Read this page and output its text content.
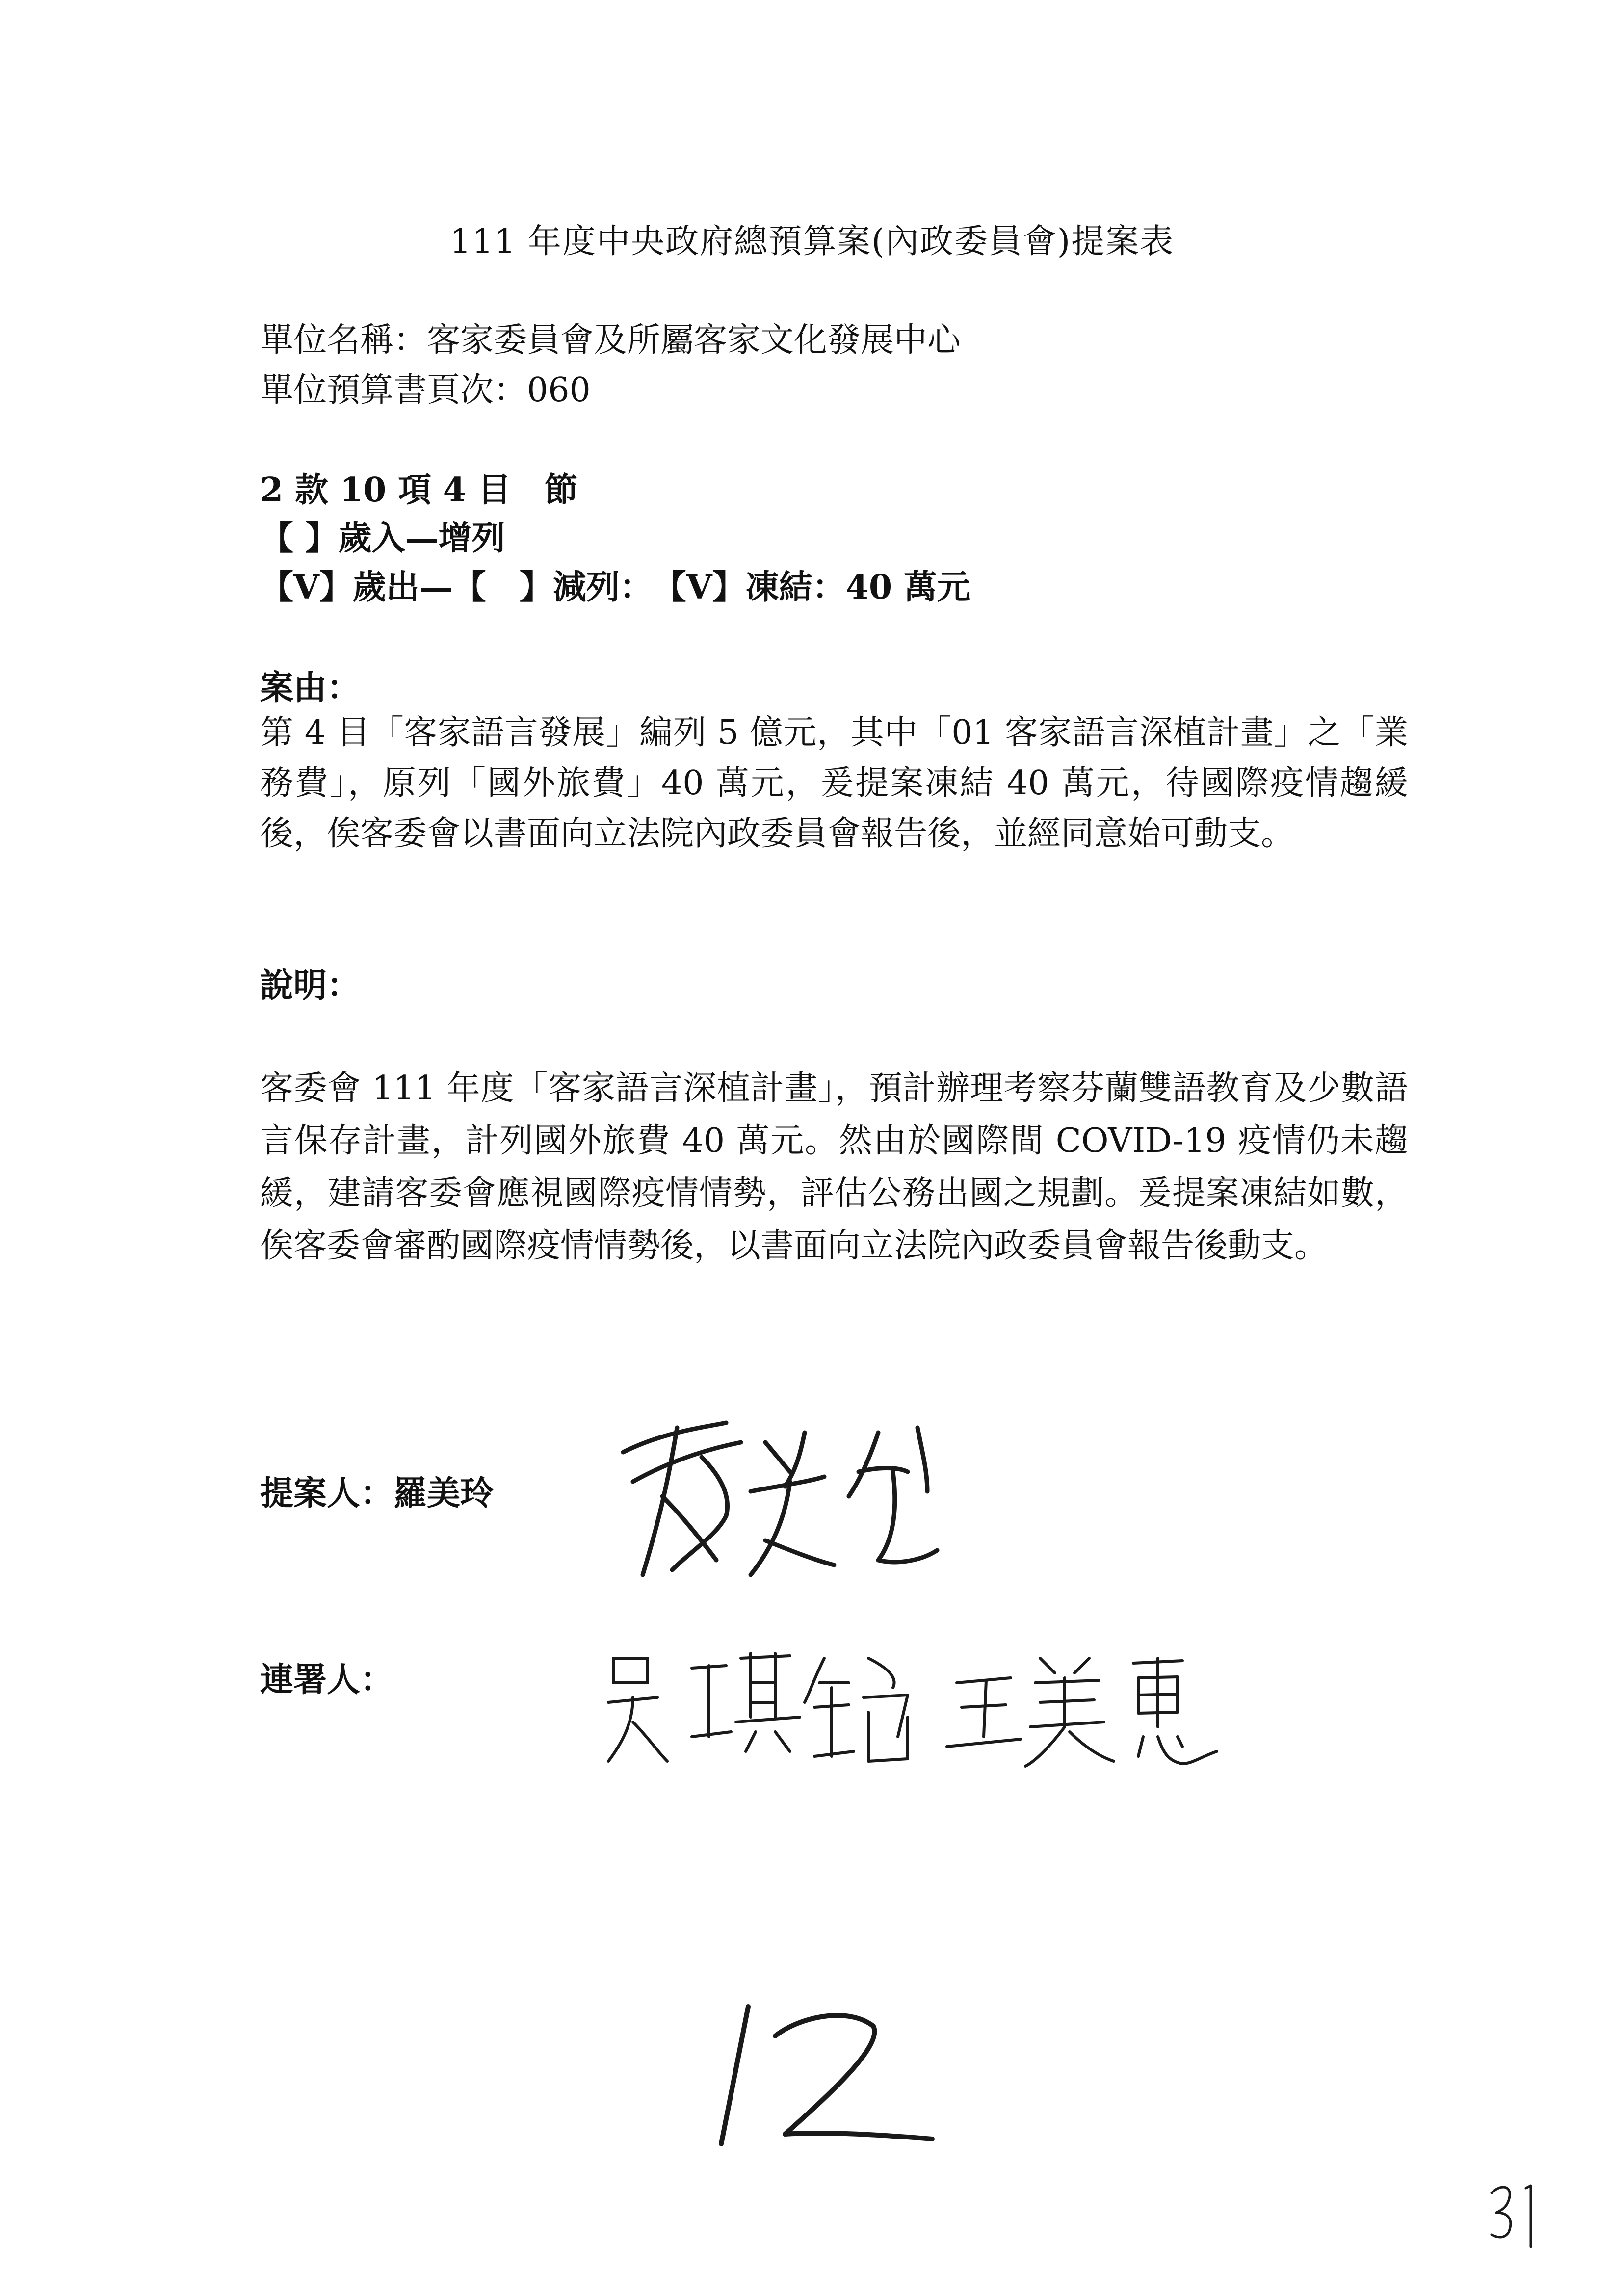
111 年度中央政府總預算案(內政委員會)提案表
單位名稱：客家委員會及所屬客家文化發展中心
單位預算書頁次：060
2 款 10 項 4 目　節
【 】歲入—增列
【V】歲出—【　】減列：　【V】凍結：40 萬元
案由：
第 4 目「客家語言發展」編列 5 億元，其中「01 客家語言深植計畫」之「業務費」，原列「國外旅費」40 萬元，爰提案凍結 40 萬元，待國際疫情趨緩後，俟客委會以書面向立法院內政委員會報告後，並經同意始可動支。
說明：
客委會 111 年度「客家語言深植計畫」，預計辦理考察芬蘭雙語教育及少數語言保存計畫，計列國外旅費 40 萬元。然由於國際間 COVID-19 疫情仍未趨緩，建請客委會應視國際疫情情勢，評估公務出國之規劃。爰提案凍結如數，俟客委會審酌國際疫情情勢後，以書面向立法院內政委員會報告後動支。
提案人：羅美玲
連署人：
